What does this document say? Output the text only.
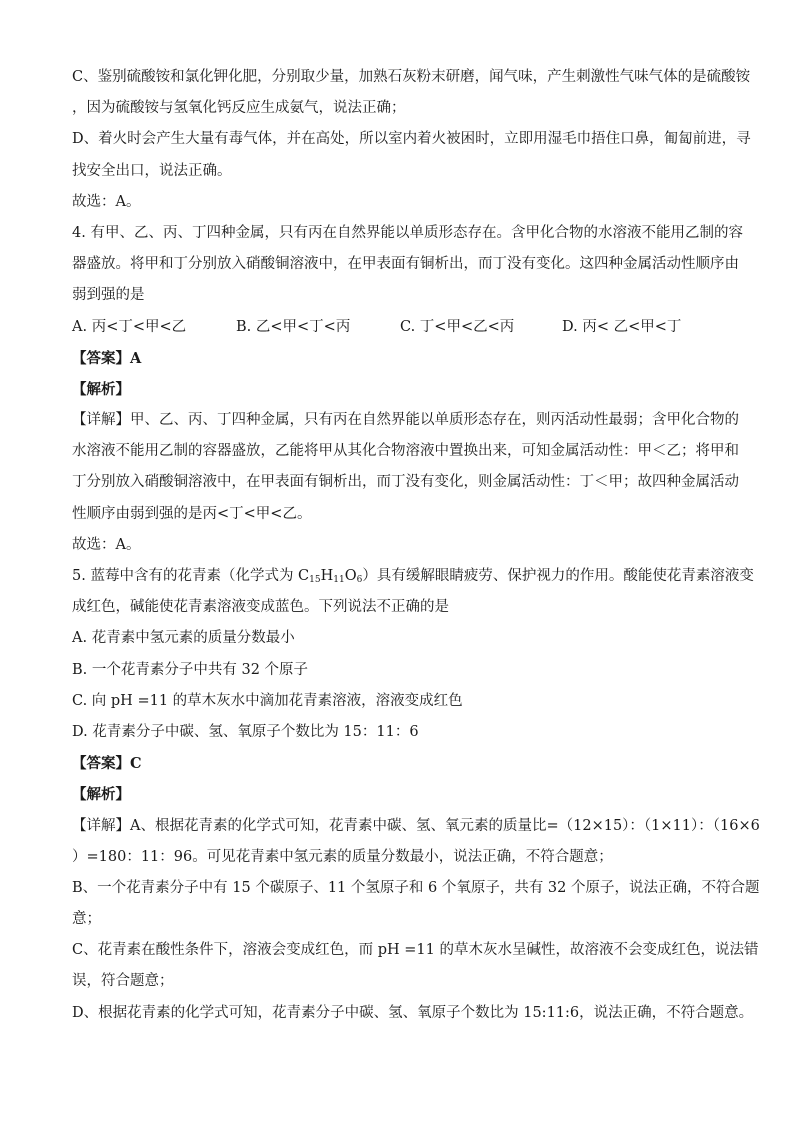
C、鉴别硫酸铵和氯化钾化肥，分别取少量，加熟石灰粉末研磨，闻气味，产生刺激性气味气体的是硫酸铵
，因为硫酸铵与氢氧化钙反应生成氨气，说法正确；
D、着火时会产生大量有毒气体，并在高处，所以室内着火被困时，立即用湿毛巾捂住口鼻，匍匐前进，寻
找安全出口，说法正确。
故选：A。
4. 有甲、乙、丙、丁四种金属，只有丙在自然界能以单质形态存在。含甲化合物的水溶液不能用乙制的容
器盛放。将甲和丁分别放入硝酸铜溶液中，在甲表面有铜析出，而丁没有变化。这四种金属活动性顺序由
弱到强的是
A. 丙<丁<甲<乙	B. 乙<甲<丁<丙	C. 丁<甲<乙<丙	D. 丙< 乙<甲<丁
【答案】A
【解析】
【详解】甲、乙、丙、丁四种金属，只有丙在自然界能以单质形态存在，则丙活动性最弱；含甲化合物的
水溶液不能用乙制的容器盛放，乙能将甲从其化合物溶液中置换出来，可知金属活动性：甲＜乙；将甲和
丁分别放入硝酸铜溶液中，在甲表面有铜析出，而丁没有变化，则金属活动性：丁＜甲；故四种金属活动
性顺序由弱到强的是丙<丁<甲<乙。
故选：A。
5. 蓝莓中含有的花青素（化学式为 $C_{15}H_{11}O_6$）具有缓解眼睛疲劳、保护视力的作用。酸能使花青素溶液变
成红色，碱能使花青素溶液变成蓝色。下列说法不正确的是
A. 花青素中氢元素的质量分数最小
B. 一个花青素分子中共有 32 个原子
C. 向 pH =11 的草木灰水中滴加花青素溶液，溶液变成红色
D. 花青素分子中碳、氢、氧原子个数比为 15：11：6
【答案】C
【解析】
【详解】A、根据花青素的化学式可知，花青素中碳、氢、氧元素的质量比=（12×15）：（1×11）：（16×6
）=180：11：96。可见花青素中氢元素的质量分数最小，说法正确，不符合题意；
B、一个花青素分子中有 15 个碳原子、11 个氢原子和 6 个氧原子，共有 32 个原子，说法正确，不符合题
意；
C、花青素在酸性条件下，溶液会变成红色，而 pH =11 的草木灰水呈碱性，故溶液不会变成红色，说法错
误，符合题意；
D、根据花青素的化学式可知，花青素分子中碳、氢、氧原子个数比为 15:11:6，说法正确，不符合题意。
